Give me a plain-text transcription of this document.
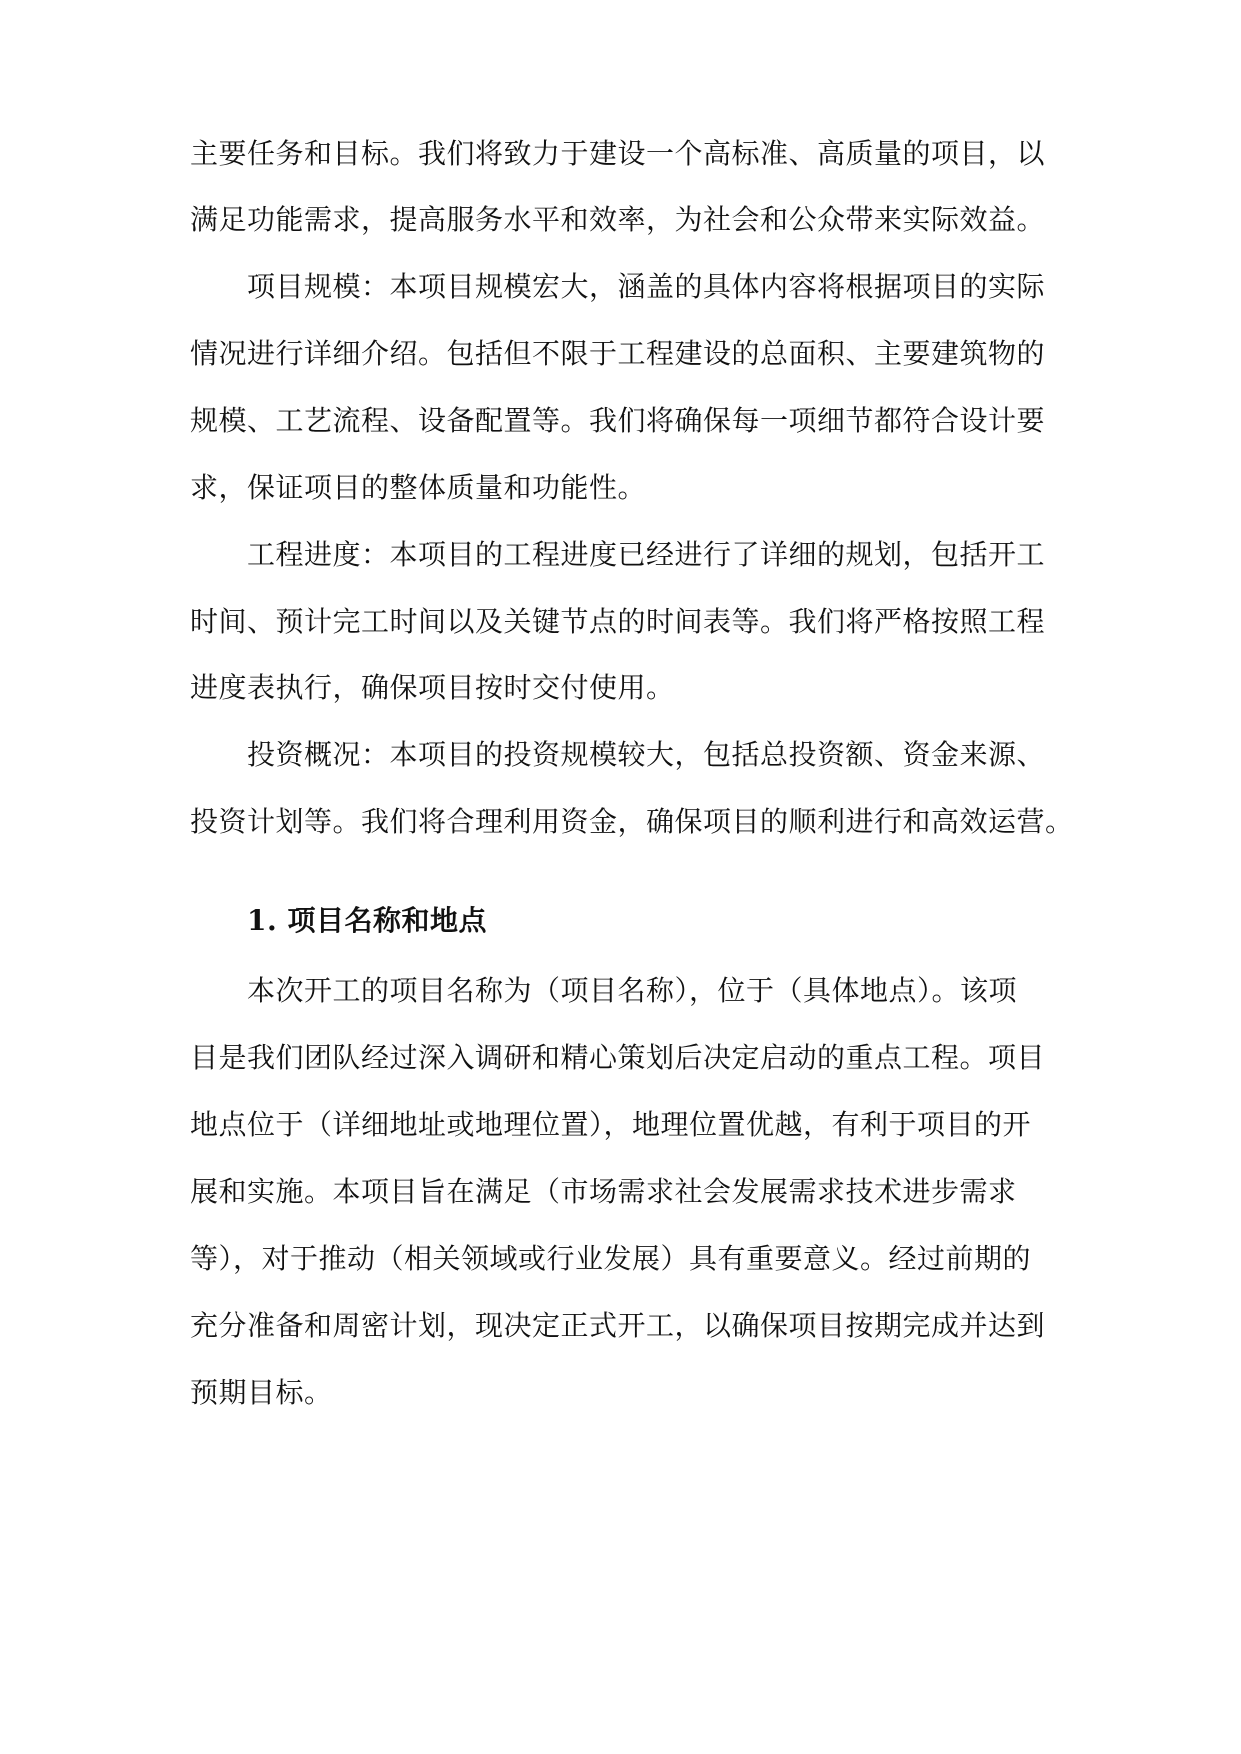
主要任务和目标。我们将致力于建设一个高标准、高质量的项目，以
满足功能需求，提高服务水平和效率，为社会和公众带来实际效益。
项目规模：本项目规模宏大，涵盖的具体内容将根据项目的实际
情况进行详细介绍。包括但不限于工程建设的总面积、主要建筑物的
规模、工艺流程、设备配置等。我们将确保每一项细节都符合设计要
求，保证项目的整体质量和功能性。
工程进度：本项目的工程进度已经进行了详细的规划，包括开工
时间、预计完工时间以及关键节点的时间表等。我们将严格按照工程
进度表执行，确保项目按时交付使用。
投资概况：本项目的投资规模较大，包括总投资额、资金来源、
投资计划等。我们将合理利用资金，确保项目的顺利进行和高效运营。
1. 项目名称和地点
本次开工的项目名称为（项目名称），位于（具体地点）。该项
目是我们团队经过深入调研和精心策划后决定启动的重点工程。项目
地点位于（详细地址或地理位置），地理位置优越，有利于项目的开
展和实施。本项目旨在满足（市场需求社会发展需求技术进步需求
等），对于推动（相关领域或行业发展）具有重要意义。经过前期的
充分准备和周密计划，现决定正式开工，以确保项目按期完成并达到
预期目标。
